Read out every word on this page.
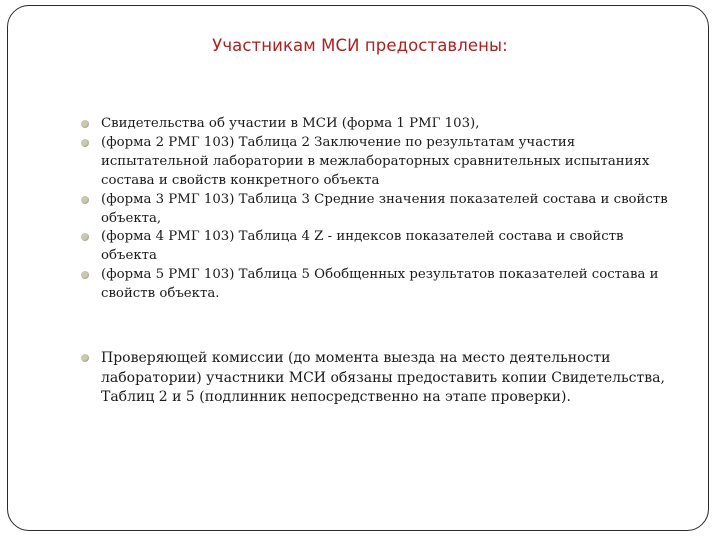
Участникам МСИ предоставлены:
Свидетельства об участии в МСИ (форма 1 РМГ 103),
(форма 2 РМГ 103) Таблица 2 Заключение по результатам участия испытательной лаборатории в межлабораторных сравнительных испытаниях состава и свойств конкретного объекта
(форма 3 РМГ 103) Таблица 3 Средние значения показателей состава и свойств объекта,
(форма 4 РМГ 103) Таблица 4 Z - индексов показателей состава и свойств объекта
(форма 5 РМГ 103) Таблица 5 Обобщенных результатов показателей состава и свойств объекта.
Проверяющей комиссии (до момента выезда на место деятельности лаборатории) участники МСИ обязаны предоставить копии Свидетельства, Таблиц 2 и 5 (подлинник непосредственно на этапе проверки).
